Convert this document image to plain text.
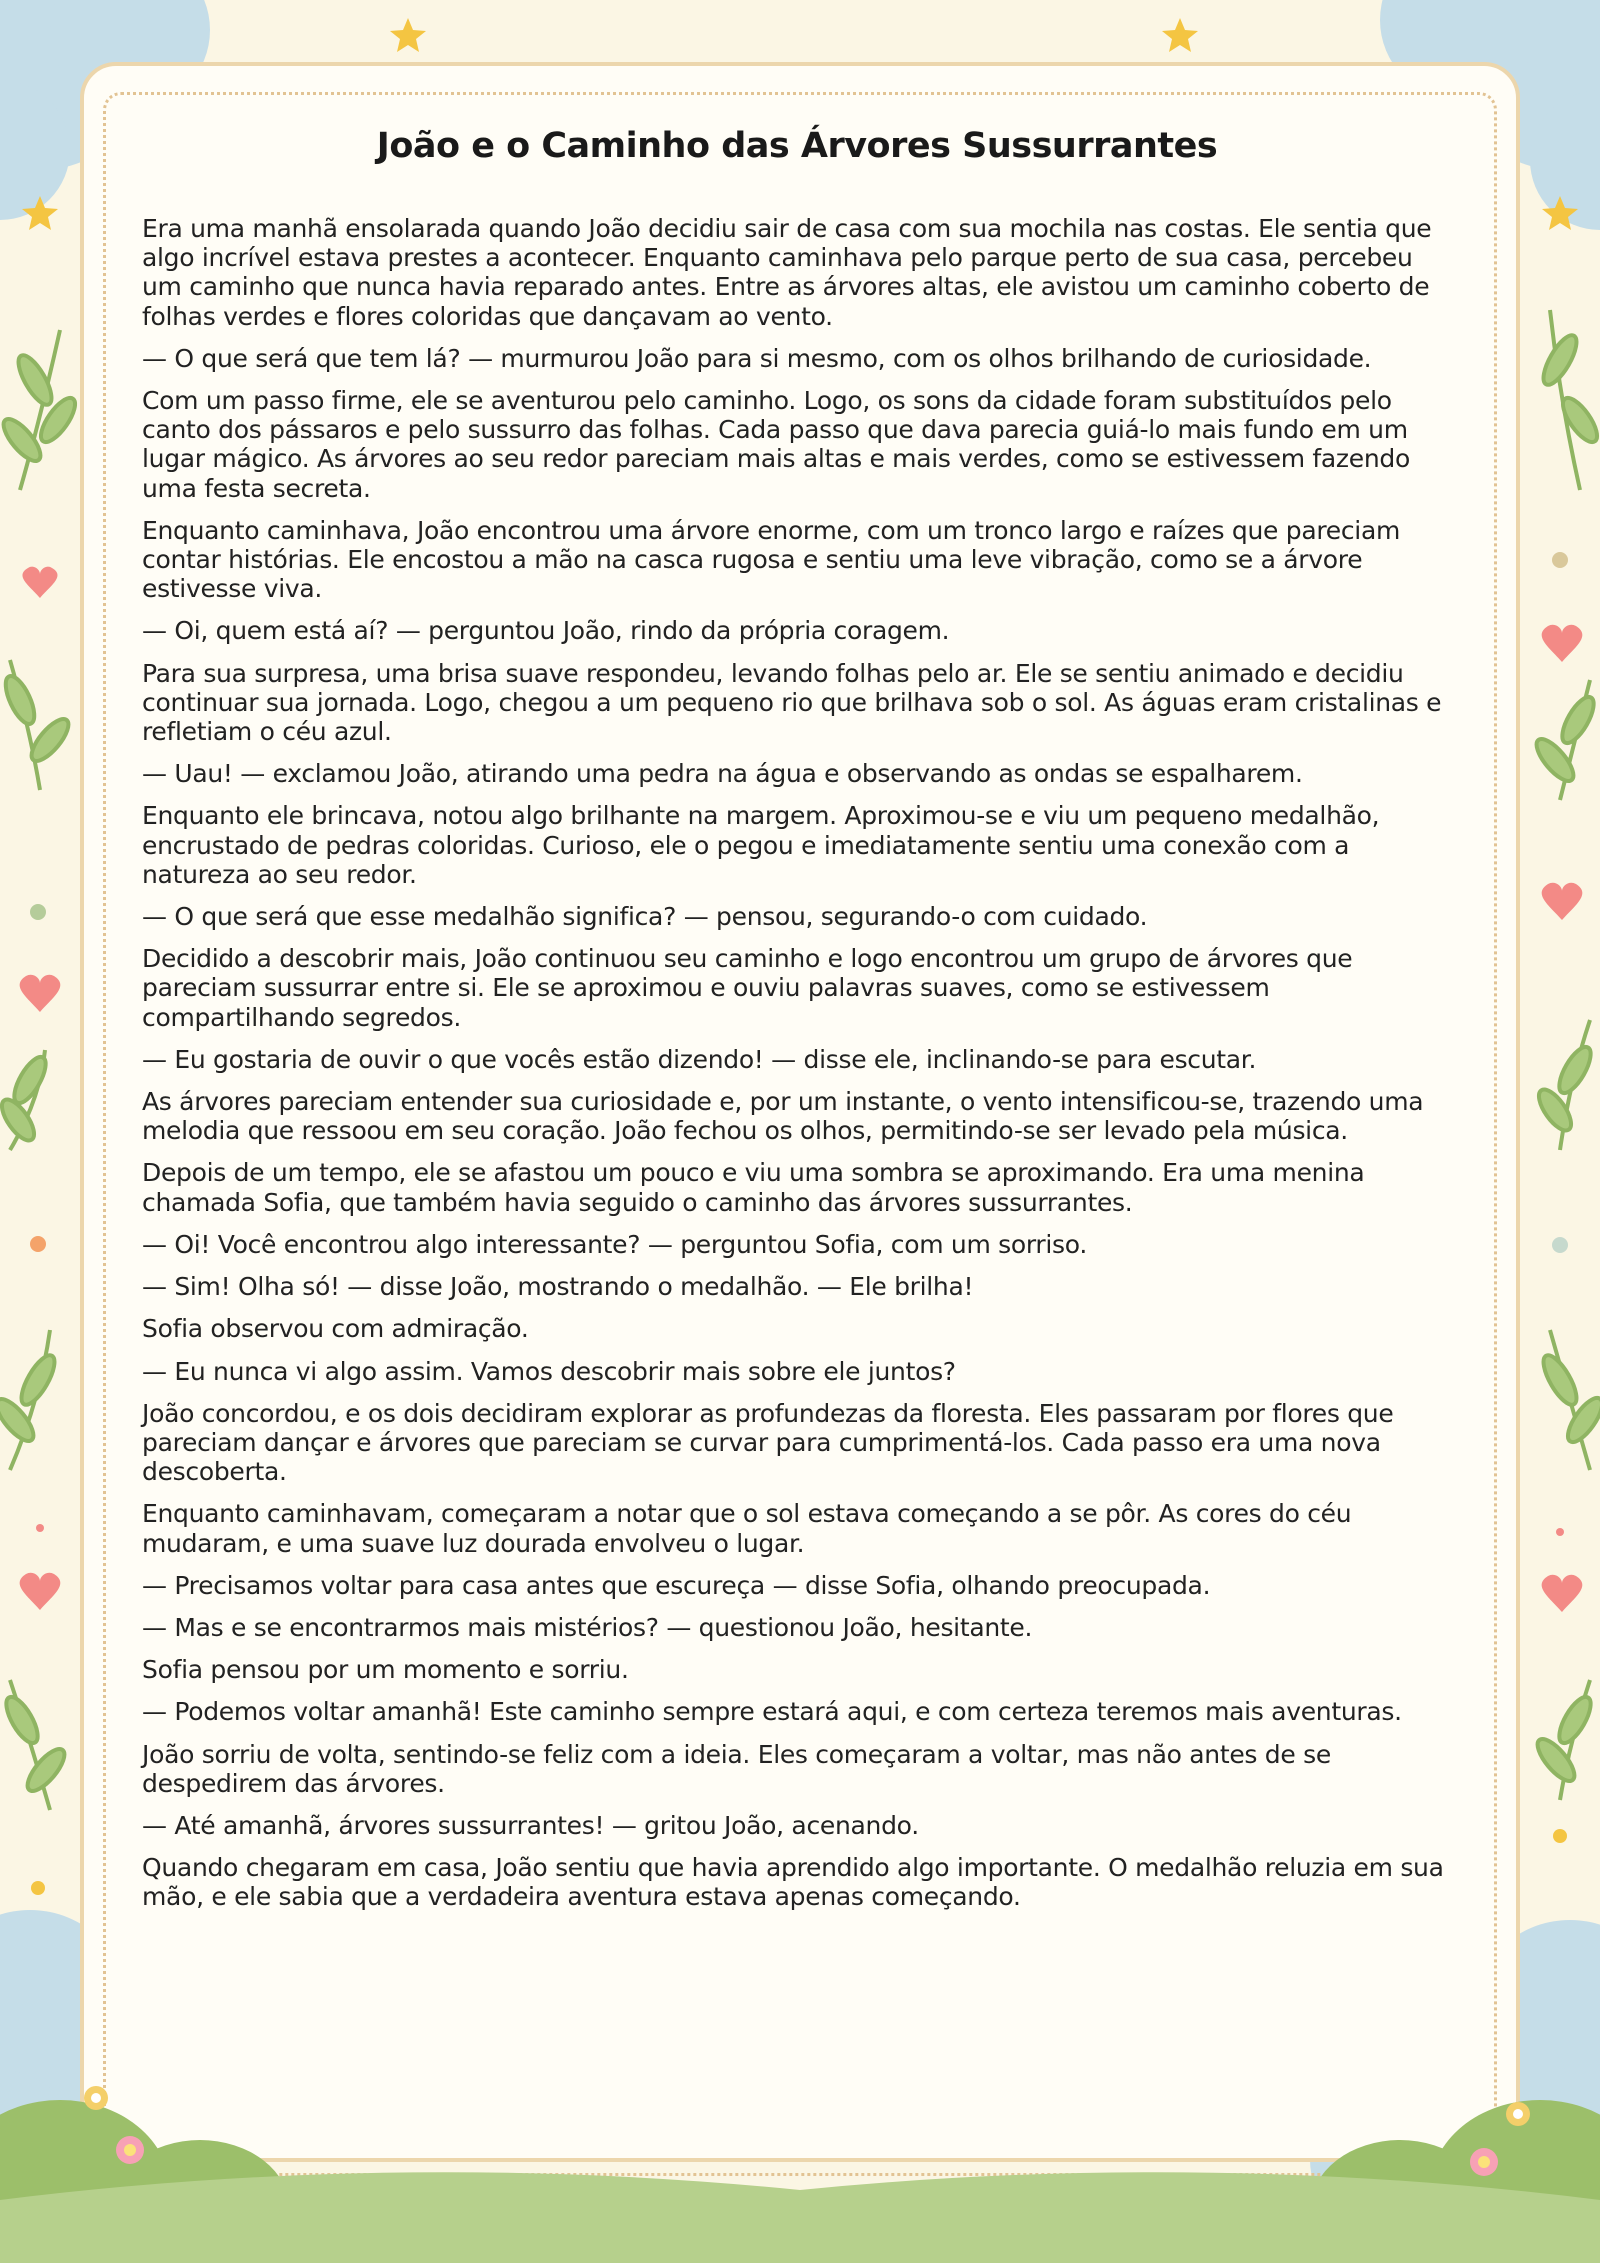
João e o Caminho das Árvores Sussurrantes

Era uma manhã ensolarada quando João decidiu sair de casa com sua mochila nas costas. Ele sentia que algo incrível estava prestes a acontecer. Enquanto caminhava pelo parque perto de sua casa, percebeu um caminho que nunca havia reparado antes. Entre as árvores altas, ele avistou um caminho coberto de folhas verdes e flores coloridas que dançavam ao vento.

— O que será que tem lá? — murmurou João para si mesmo, com os olhos brilhando de curiosidade.

Com um passo firme, ele se aventurou pelo caminho. Logo, os sons da cidade foram substituídos pelo canto dos pássaros e pelo sussurro das folhas. Cada passo que dava parecia guiá-lo mais fundo em um lugar mágico. As árvores ao seu redor pareciam mais altas e mais verdes, como se estivessem fazendo uma festa secreta.

Enquanto caminhava, João encontrou uma árvore enorme, com um tronco largo e raízes que pareciam contar histórias. Ele encostou a mão na casca rugosa e sentiu uma leve vibração, como se a árvore estivesse viva.

— Oi, quem está aí? — perguntou João, rindo da própria coragem.

Para sua surpresa, uma brisa suave respondeu, levando folhas pelo ar. Ele se sentiu animado e decidiu continuar sua jornada. Logo, chegou a um pequeno rio que brilhava sob o sol. As águas eram cristalinas e refletiam o céu azul.

— Uau! — exclamou João, atirando uma pedra na água e observando as ondas se espalharem.

Enquanto ele brincava, notou algo brilhante na margem. Aproximou-se e viu um pequeno medalhão, encrustado de pedras coloridas. Curioso, ele o pegou e imediatamente sentiu uma conexão com a natureza ao seu redor.

— O que será que esse medalhão significa? — pensou, segurando-o com cuidado.

Decidido a descobrir mais, João continuou seu caminho e logo encontrou um grupo de árvores que pareciam sussurrar entre si. Ele se aproximou e ouviu palavras suaves, como se estivessem compartilhando segredos.

— Eu gostaria de ouvir o que vocês estão dizendo! — disse ele, inclinando-se para escutar.

As árvores pareciam entender sua curiosidade e, por um instante, o vento intensificou-se, trazendo uma melodia que ressoou em seu coração. João fechou os olhos, permitindo-se ser levado pela música.

Depois de um tempo, ele se afastou um pouco e viu uma sombra se aproximando. Era uma menina chamada Sofia, que também havia seguido o caminho das árvores sussurrantes.

— Oi! Você encontrou algo interessante? — perguntou Sofia, com um sorriso.

— Sim! Olha só! — disse João, mostrando o medalhão. — Ele brilha!

Sofia observou com admiração.

— Eu nunca vi algo assim. Vamos descobrir mais sobre ele juntos?

João concordou, e os dois decidiram explorar as profundezas da floresta. Eles passaram por flores que pareciam dançar e árvores que pareciam se curvar para cumprimentá-los. Cada passo era uma nova descoberta.

Enquanto caminhavam, começaram a notar que o sol estava começando a se pôr. As cores do céu mudaram, e uma suave luz dourada envolveu o lugar.

— Precisamos voltar para casa antes que escureça — disse Sofia, olhando preocupada.

— Mas e se encontrarmos mais mistérios? — questionou João, hesitante.

Sofia pensou por um momento e sorriu.

— Podemos voltar amanhã! Este caminho sempre estará aqui, e com certeza teremos mais aventuras.

João sorriu de volta, sentindo-se feliz com a ideia. Eles começaram a voltar, mas não antes de se despedirem das árvores.

— Até amanhã, árvores sussurrantes! — gritou João, acenando.

Quando chegaram em casa, João sentiu que havia aprendido algo importante. O medalhão reluzia em sua mão, e ele sabia que a verdadeira aventura estava apenas começando.
